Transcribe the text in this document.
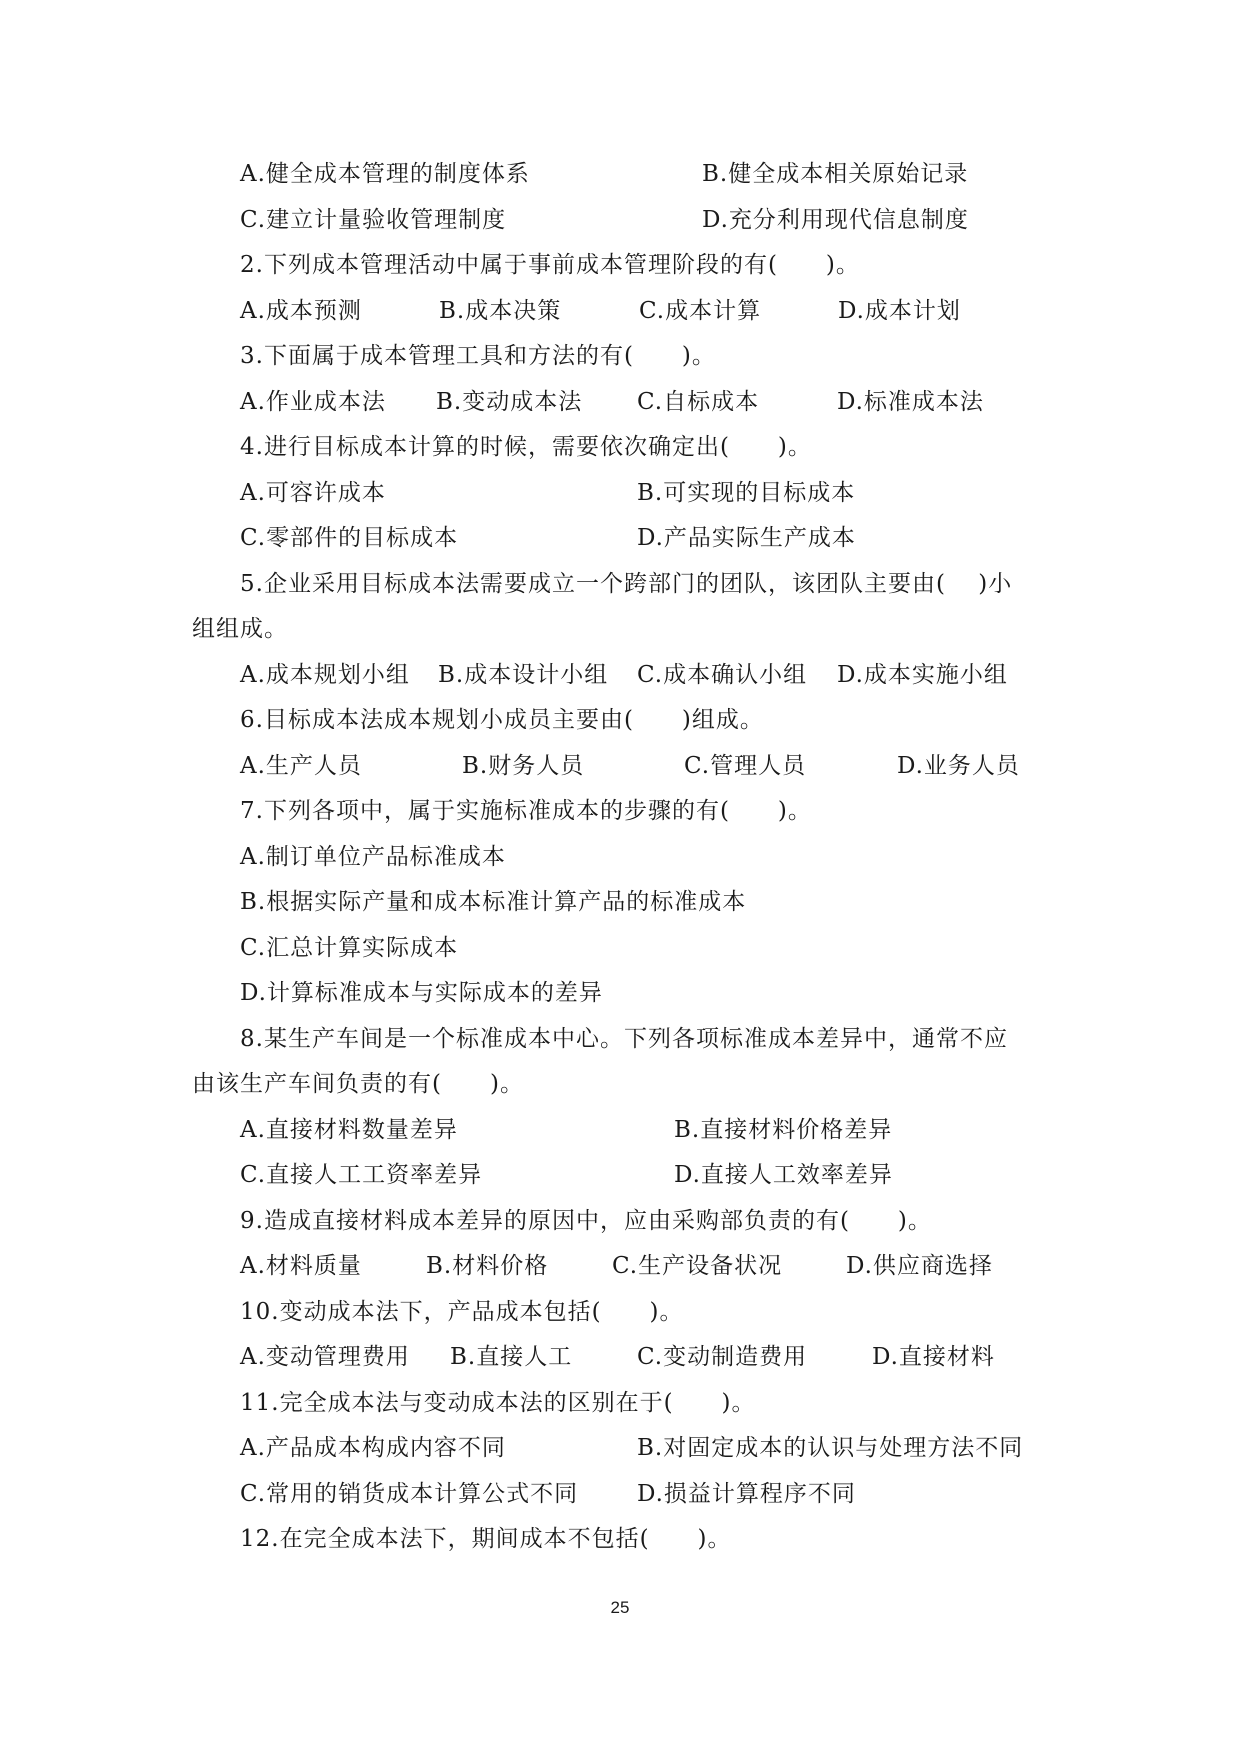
A.健全成本管理的制度体系	B.健全成本相关原始记录
C.建立计量验收管理制度	D.充分利用现代信息制度
2.下列成本管理活动中属于事前成本管理阶段的有(　　)。
A.成本预测	B.成本决策	C.成本计算	D.成本计划
3.下面属于成本管理工具和方法的有(　　)。
A.作业成本法 B.变动成本法 C.自标成本	D.标准成本法
4.进行目标成本计算的时候，需要依次确定出(　　)。
A.可容许成本	B.可实现的目标成本
C.零部件的目标成本	D.产品实际生产成本
5.企业采用目标成本法需要成立一个跨部门的团队，该团队主要由(　 )小
组组成。
A.成本规划小组 B.成本设计小组 C.成本确认小组 D.成本实施小组
6.目标成本法成本规划小成员主要由(　　)组成。
A.生产人员	B.财务人员	C.管理人员	D.业务人员
7.下列各项中，属于实施标准成本的步骤的有(　　)。
A.制订单位产品标准成本
B.根据实际产量和成本标准计算产品的标准成本
C.汇总计算实际成本
D.计算标准成本与实际成本的差异
8.某生产车间是一个标准成本中心。下列各项标准成本差异中，通常不应
由该生产车间负责的有(　　)。
A.直接材料数量差异	B.直接材料价格差异
C.直接人工工资率差异	D.直接人工效率差异
9.造成直接材料成本差异的原因中，应由采购部负责的有(　　)。
A.材料质量	B.材料价格	C.生产设备状况	D.供应商选择
10.变动成本法下，产品成本包括(　　)。
A.变动管理费用 B.直接人工	C.变动制造费用	D.直接材料
11.完全成本法与变动成本法的区别在于(　　)。
A.产品成本构成内容不同	B.对固定成本的认识与处理方法不同
C.常用的销货成本计算公式不同	D.损益计算程序不同
12.在完全成本法下，期间成本不包括(　　)。
25
